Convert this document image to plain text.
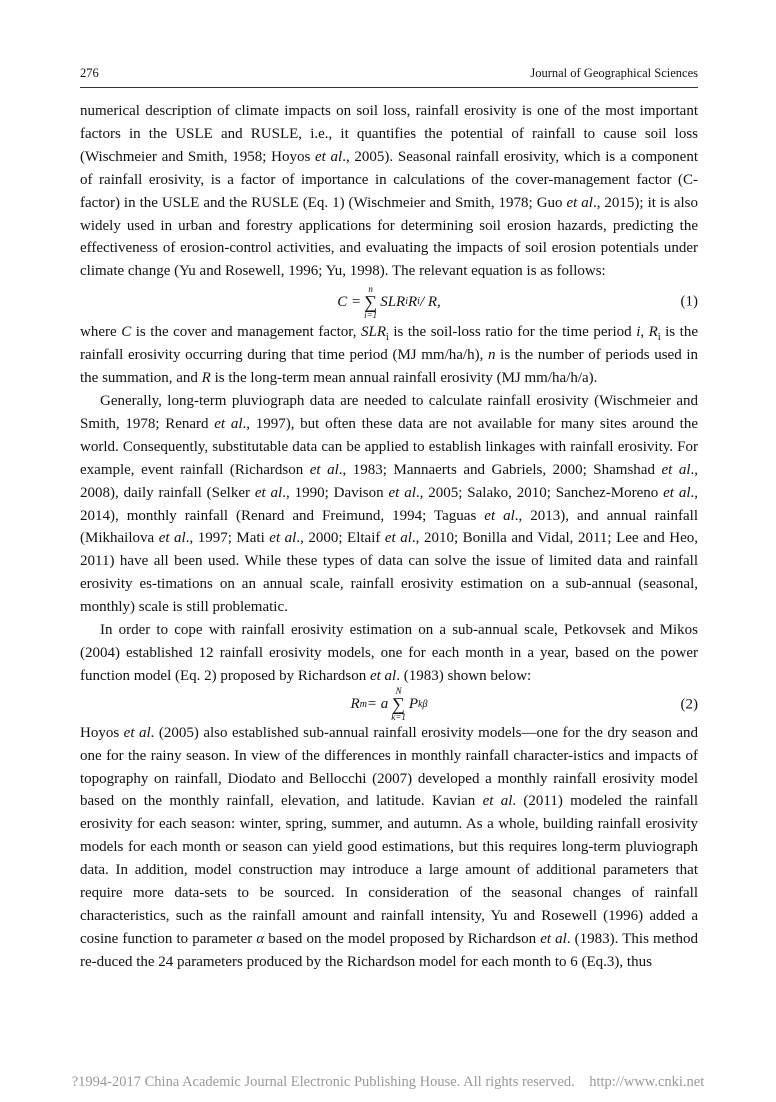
276	Journal of Geographical Sciences

numerical description of climate impacts on soil loss, rainfall erosivity is one of the most important factors in the USLE and RUSLE, i.e., it quantifies the potential of rainfall to cause soil loss (Wischmeier and Smith, 1958; Hoyos et al., 2005). Seasonal rainfall erosivity, which is a component of rainfall erosivity, is a factor of importance in calculations of the cover-management factor (C-factor) in the USLE and the RUSLE (Eq. 1) (Wischmeier and Smith, 1978; Guo et al., 2015); it is also widely used in urban and forestry applications for determining soil erosion hazards, predicting the effectiveness of erosion-control activities, and evaluating the impacts of soil erosion potentials under climate change (Yu and Rosewell, 1996; Yu, 1998). The relevant equation is as follows:

C =
n
∑
i=1
SLR i R i / R,	(1)

where C is the cover and management factor, $SLR_i$ is the soil-loss ratio for the time period i, $R_i$ is the rainfall erosivity occurring during that time period (MJ mm/ha/h), n is the number of periods used in the summation, and R is the long-term mean annual rainfall erosivity (MJ mm/ha/h/a).

Generally, long-term pluviograph data are needed to calculate rainfall erosivity (Wischmeier and Smith, 1978; Renard et al., 1997), but often these data are not available for many sites around the world. Consequently, substitutable data can be applied to establish linkages with rainfall erosivity. For example, event rainfall (Richardson et al., 1983; Mannaerts and Gabriels, 2000; Shamshad et al., 2008), daily rainfall (Selker et al., 1990; Davison et al., 2005; Salako, 2010; Sanchez-Moreno et al., 2014), monthly rainfall (Renard and Freimund, 1994; Taguas et al., 2013), and annual rainfall (Mikhailova et al., 1997; Mati et al., 2000; Eltaif et al., 2010; Bonilla and Vidal, 2011; Lee and Heo, 2011) have all been used. While these types of data can solve the issue of limited data and rainfall erosivity es-timations on an annual scale, rainfall erosivity estimation on a sub-annual (seasonal, monthly) scale is still problematic.

In order to cope with rainfall erosivity estimation on a sub-annual scale, Petkovsek and Mikos (2004) established 12 rainfall erosivity models, one for each month in a year, based on the power function model (Eq. 2) proposed by Richardson et al. (1983) shown below:

R m = a
N
∑
k=1
P k β	(2)

Hoyos et al. (2005) also established sub-annual rainfall erosivity models—one for the dry season and one for the rainy season. In view of the differences in monthly rainfall character-istics and impacts of topography on rainfall, Diodato and Bellocchi (2007) developed a monthly rainfall erosivity model based on the monthly rainfall, elevation, and latitude. Kavian et al. (2011) modeled the rainfall erosivity for each season: winter, spring, summer, and autumn. As a whole, building rainfall erosivity models for each month or season can yield good estimations, but this requires long-term pluviograph data. In addition, model construction may introduce a large amount of additional parameters that require more data-sets to be sourced. In consideration of the seasonal changes of rainfall characteristics, such as the rainfall amount and rainfall intensity, Yu and Rosewell (1996) added a cosine function to parameter α based on the model proposed by Richardson et al. (1983). This method re-duced the 24 parameters produced by the Richardson model for each month to 6 (Eq.3), thus

?1994-2017 China Academic Journal Electronic Publishing House. All rights reserved. http://www.cnki.net
